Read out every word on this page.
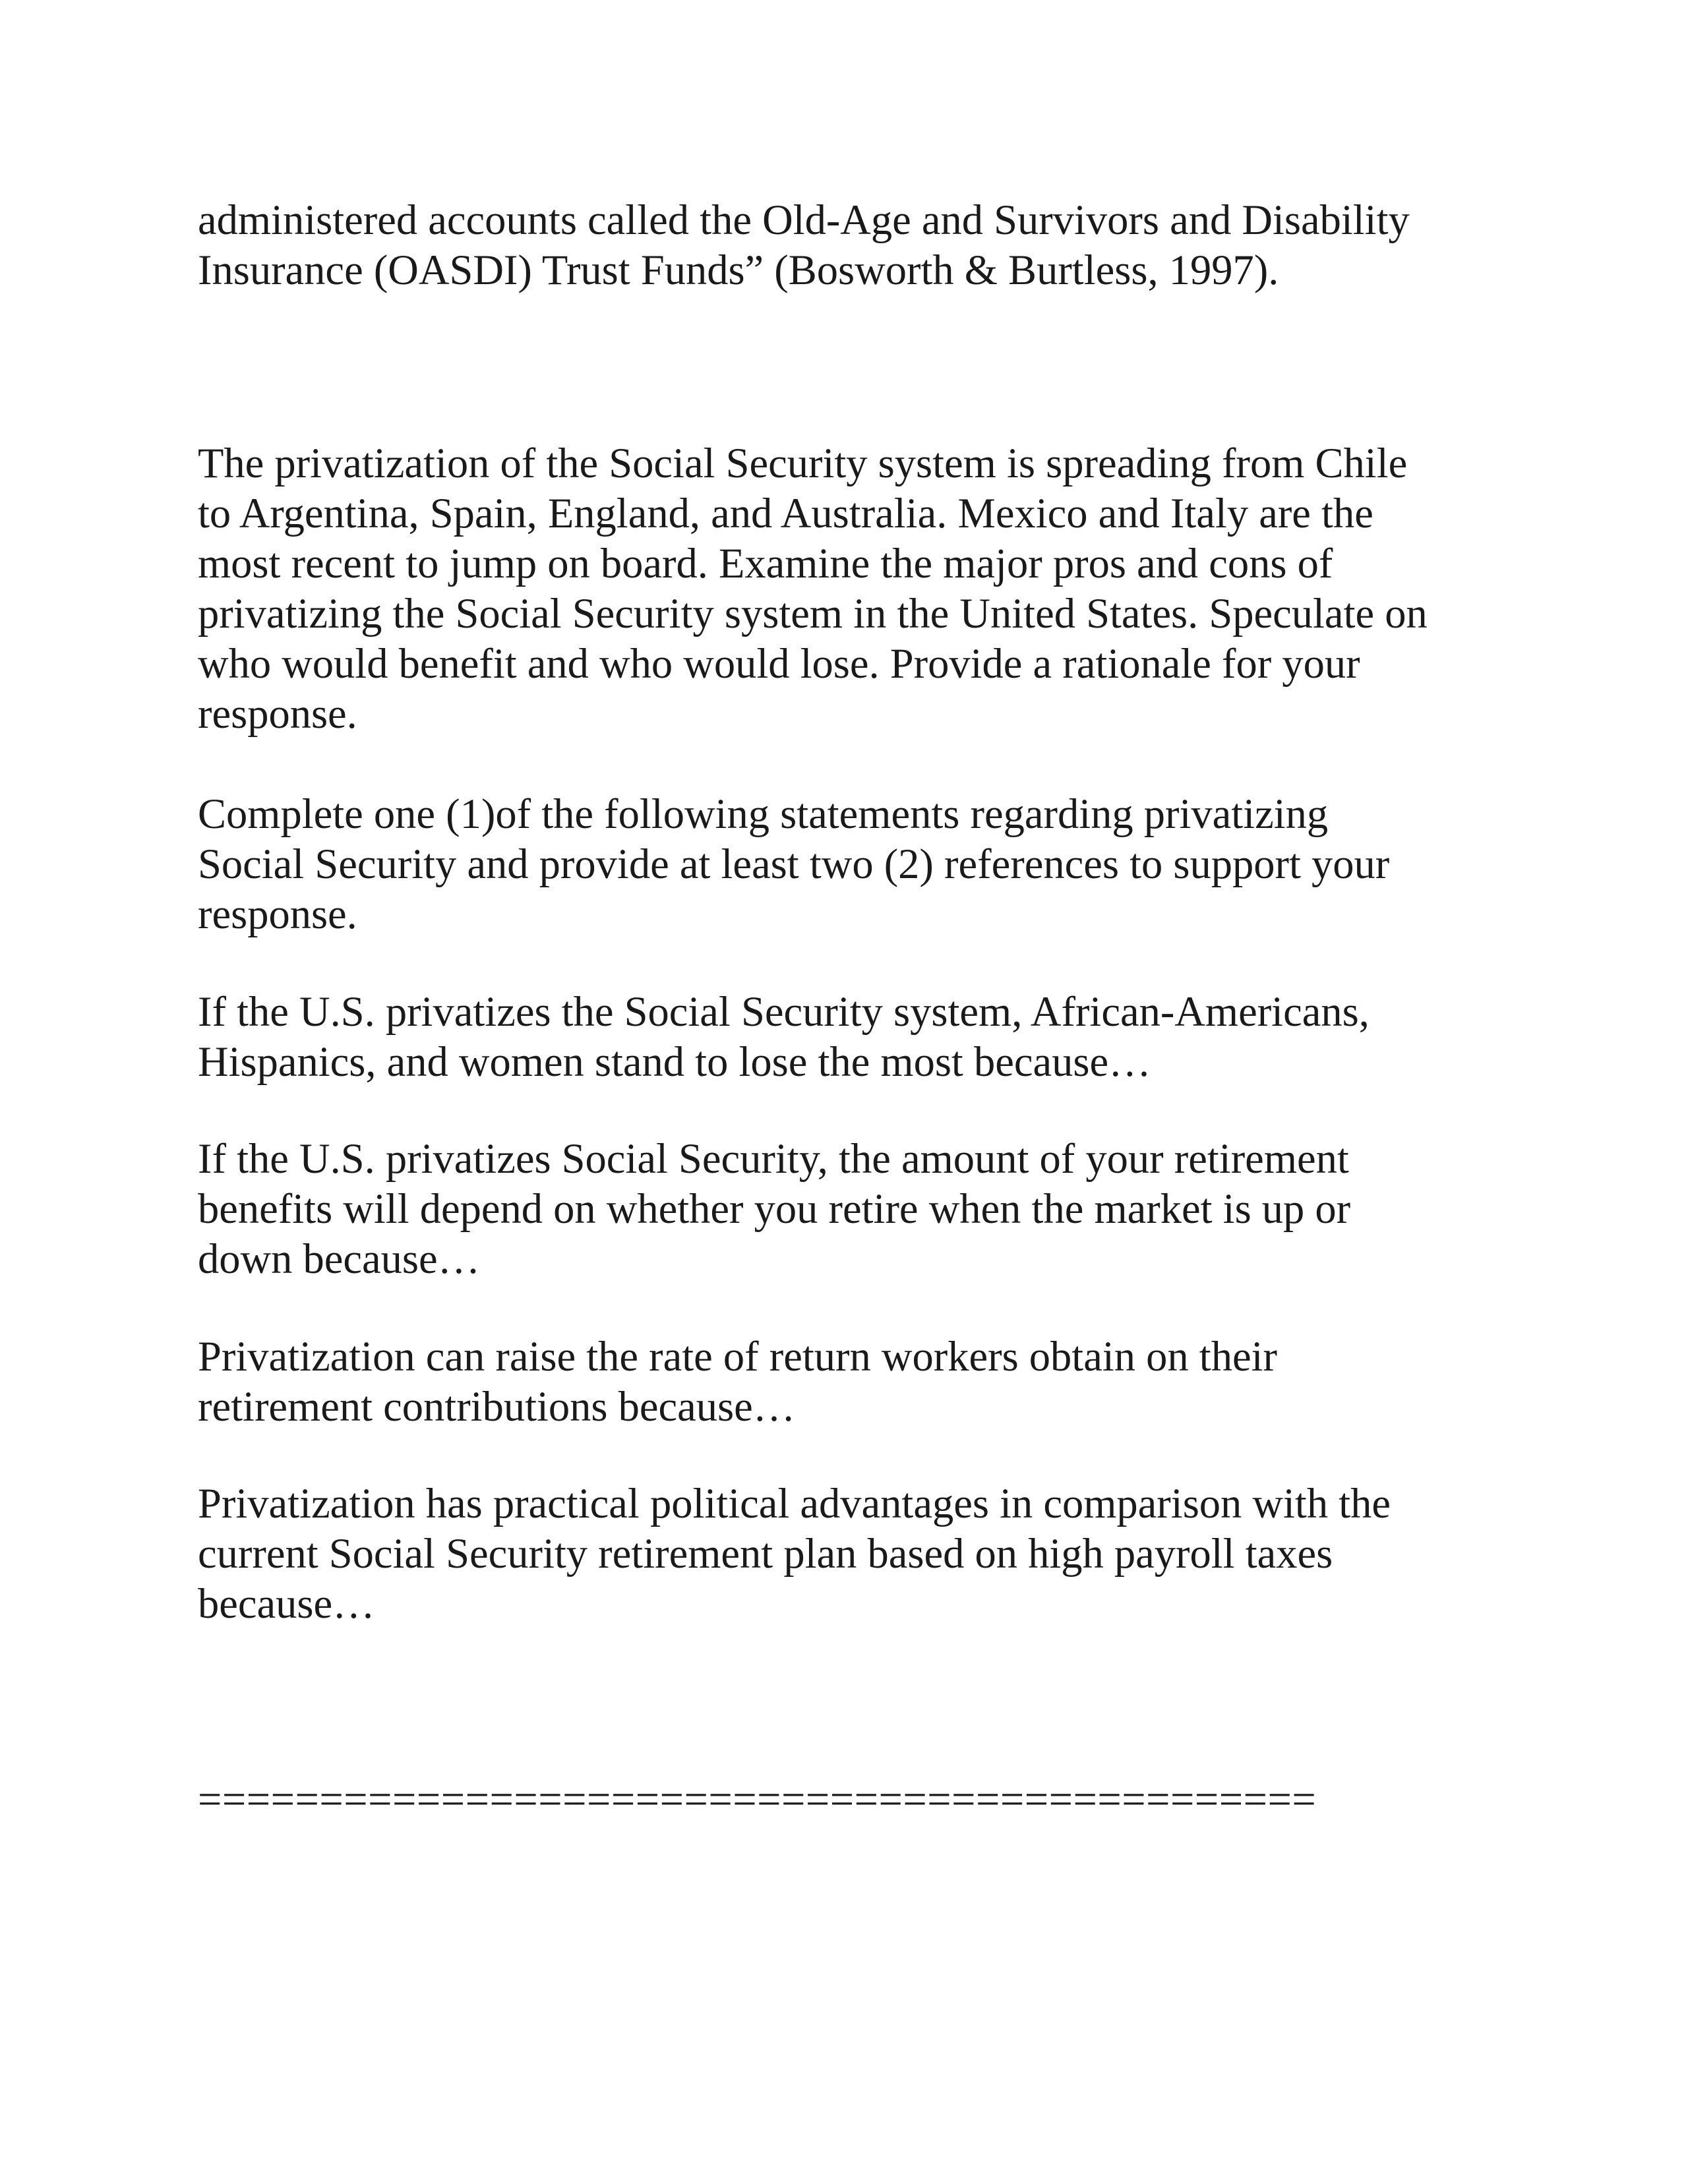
administered accounts called the Old-Age and Survivors and Disability
Insurance (OASDI) Trust Funds” (Bosworth & Burtless, 1997).

The privatization of the Social Security system is spreading from Chile
to Argentina, Spain, England, and Australia. Mexico and Italy are the
most recent to jump on board. Examine the major pros and cons of
privatizing the Social Security system in the United States. Speculate on
who would benefit and who would lose. Provide a rationale for your
response.

Complete one (1)of the following statements regarding privatizing
Social Security and provide at least two (2) references to support your
response.

If the U.S. privatizes the Social Security system, African-Americans,
Hispanics, and women stand to lose the most because…

If the U.S. privatizes Social Security, the amount of your retirement
benefits will depend on whether you retire when the market is up or
down because…

Privatization can raise the rate of return workers obtain on their
retirement contributions because…

Privatization has practical political advantages in comparison with the
current Social Security retirement plan based on high payroll taxes
because…

==============================================
